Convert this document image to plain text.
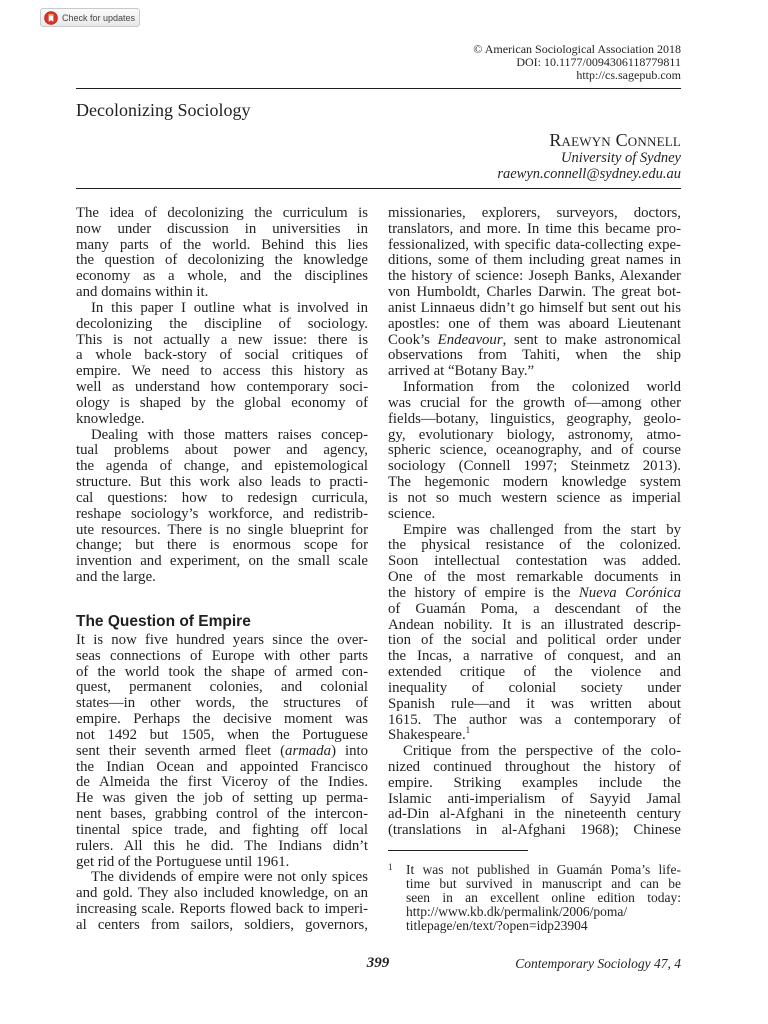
Check for updates
© American Sociological Association 2018
DOI: 10.1177/0094306118779811
http://cs.sagepub.com
Decolonizing Sociology
Raewyn Connell
University of Sydney
raewyn.connell@sydney.edu.au
The idea of decolonizing the curriculum is
now under discussion in universities in
many parts of the world. Behind this lies
the question of decolonizing the knowledge
economy as a whole, and the disciplines
and domains within it.
In this paper I outline what is involved in
decolonizing the discipline of sociology.
This is not actually a new issue: there is
a whole back-story of social critiques of
empire. We need to access this history as
well as understand how contemporary soci-
ology is shaped by the global economy of
knowledge.
Dealing with those matters raises concep-
tual problems about power and agency,
the agenda of change, and epistemological
structure. But this work also leads to practi-
cal questions: how to redesign curricula,
reshape sociology’s workforce, and redistrib-
ute resources. There is no single blueprint for
change; but there is enormous scope for
invention and experiment, on the small scale
and the large.
The Question of Empire
It is now five hundred years since the over-
seas connections of Europe with other parts
of the world took the shape of armed con-
quest, permanent colonies, and colonial
states—in other words, the structures of
empire. Perhaps the decisive moment was
not 1492 but 1505, when the Portuguese
sent their seventh armed fleet (armada) into
the Indian Ocean and appointed Francisco
de Almeida the first Viceroy of the Indies.
He was given the job of setting up perma-
nent bases, grabbing control of the intercon-
tinental spice trade, and fighting off local
rulers. All this he did. The Indians didn’t
get rid of the Portuguese until 1961.
The dividends of empire were not only spices
and gold. They also included knowledge, on an
increasing scale. Reports flowed back to imperi-
al centers from sailors, soldiers, governors,
missionaries, explorers, surveyors, doctors,
translators, and more. In time this became pro-
fessionalized, with specific data-collecting expe-
ditions, some of them including great names in
the history of science: Joseph Banks, Alexander
von Humboldt, Charles Darwin. The great bot-
anist Linnaeus didn’t go himself but sent out his
apostles: one of them was aboard Lieutenant
Cook’s Endeavour, sent to make astronomical
observations from Tahiti, when the ship
arrived at “Botany Bay.”
Information from the colonized world
was crucial for the growth of—among other
fields—botany, linguistics, geography, geolo-
gy, evolutionary biology, astronomy, atmo-
spheric science, oceanography, and of course
sociology (Connell 1997; Steinmetz 2013).
The hegemonic modern knowledge system
is not so much western science as imperial
science.
Empire was challenged from the start by
the physical resistance of the colonized.
Soon intellectual contestation was added.
One of the most remarkable documents in
the history of empire is the Nueva Corónica
of Guamán Poma, a descendant of the
Andean nobility. It is an illustrated descrip-
tion of the social and political order under
the Incas, a narrative of conquest, and an
extended critique of the violence and
inequality of colonial society under
Spanish rule—and it was written about
1615. The author was a contemporary of
Shakespeare.$^1$
Critique from the perspective of the colo-
nized continued throughout the history of
empire. Striking examples include the
Islamic anti-imperialism of Sayyid Jamal
ad-Din al-Afghani in the nineteenth century
(translations in al-Afghani 1968); Chinese
1 It was not published in Guamán Poma’s life-
time but survived in manuscript and can be
seen in an excellent online edition today:
http://www.kb.dk/permalink/2006/poma/
titlepage/en/text/?open=idp23904
399	Contemporary Sociology 47, 4
